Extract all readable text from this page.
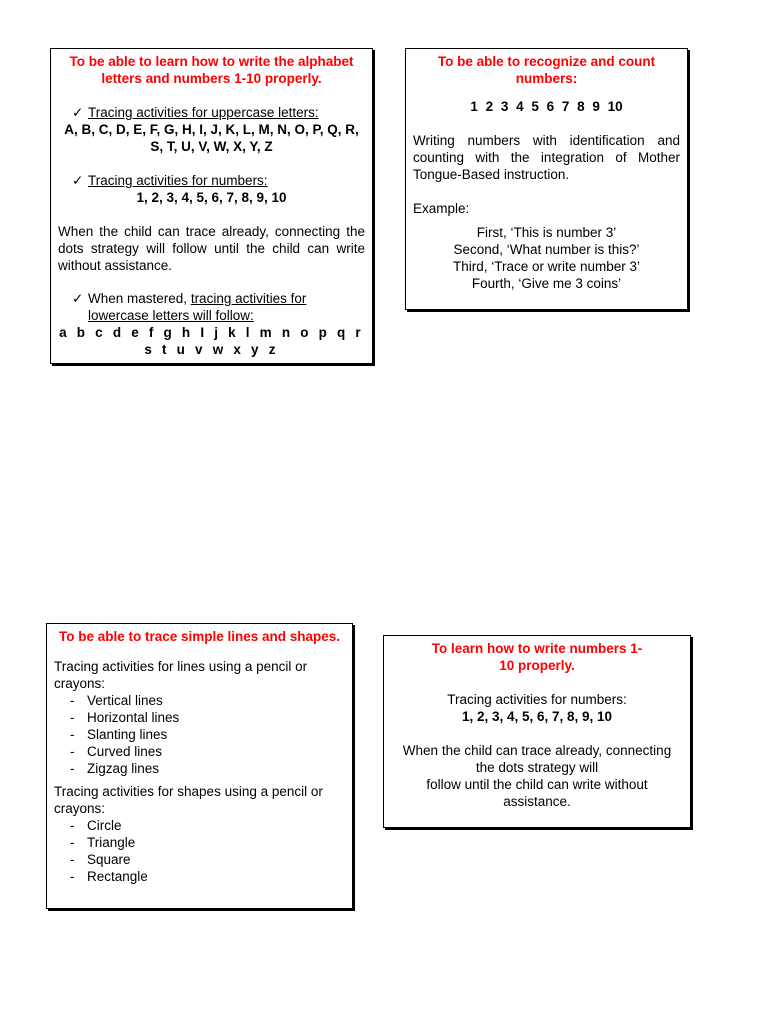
To be able to learn how to write the alphabet letters and numbers 1-10 properly.
✓ Tracing activities for uppercase letters:
A, B, C, D, E, F, G, H, I, J, K, L, M, N, O, P, Q, R, S, T, U, V, W, X, Y, Z
✓ Tracing activities for numbers:
1, 2, 3, 4, 5, 6, 7, 8, 9, 10
When the child can trace already, connecting the dots strategy will follow until the child can write without assistance.
✓ When mastered, tracing activities for lowercase letters will follow:
a b c d e f g h I j k l m n o p q r s t u v w x y z
To be able to recognize and count numbers:
1 2 3 4 5 6 7 8 9 10
Writing numbers with identification and counting with the integration of Mother Tongue-Based instruction.
Example:
First, ‘This is number 3’
Second, ‘What number is this?’
Third, ‘Trace or write number 3’
Fourth, ‘Give me 3 coins’
To be able to trace simple lines and shapes.
Tracing activities for lines using a pencil or crayons:
- Vertical lines
- Horizontal lines
- Slanting lines
- Curved lines
- Zigzag lines
Tracing activities for shapes using a pencil or crayons:
- Circle
- Triangle
- Square
- Rectangle
To learn how to write numbers 1-10 properly.
Tracing activities for numbers:
1, 2, 3, 4, 5, 6, 7, 8, 9, 10
When the child can trace already, connecting
the dots strategy will
follow until the child can write without
assistance.
